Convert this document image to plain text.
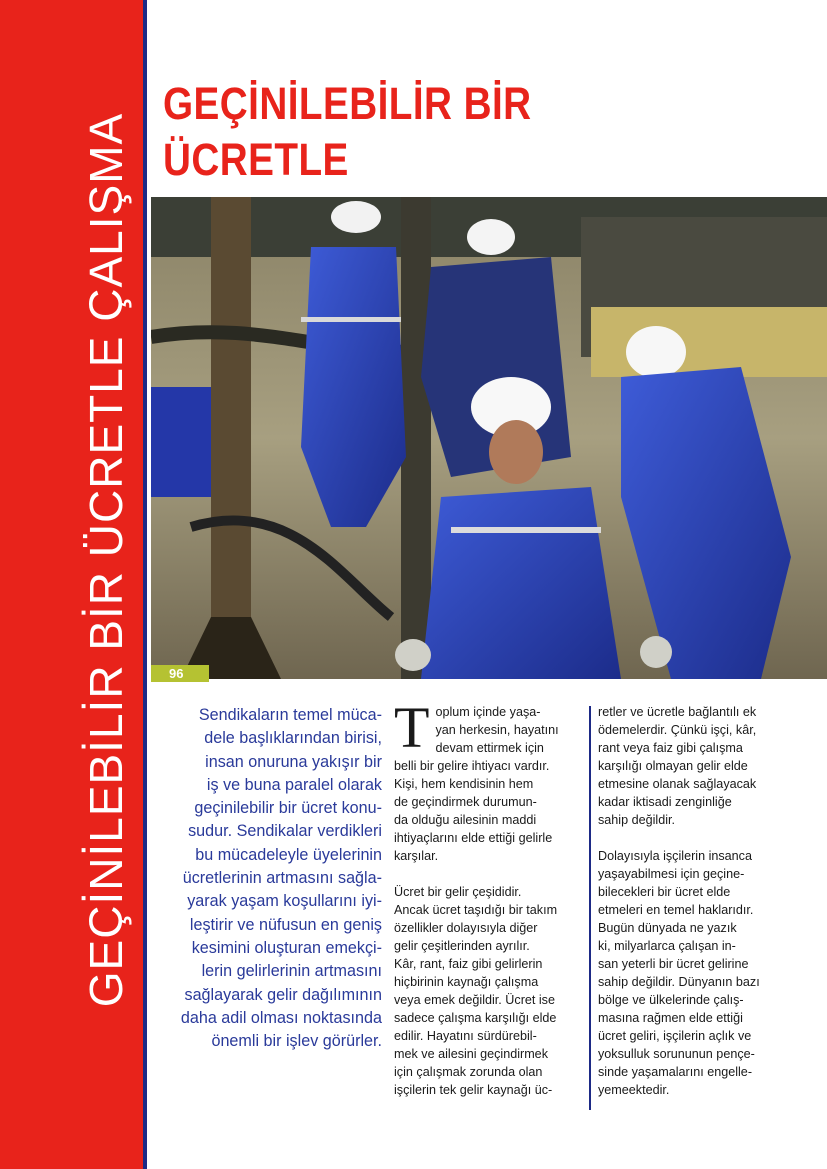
GEÇİNİLEBİLİR BİR ÜCRETLE ÇALIŞMA
GEÇİNİLEBİLİR BİR ÜCRETLE
96
Sendikaların temel müca-
dele başlıklarından birisi,
insan onuruna yakışır bir
iş ve buna paralel olarak
geçinilebilir bir ücret konu-
sudur. Sendikalar verdikleri
bu mücadeleyle üyelerinin
ücretlerinin artmasını sağla-
yarak yaşam koşullarını iyi-
leştirir ve nüfusun en geniş
kesimini oluşturan emekçi-
lerin gelirlerinin artmasını
sağlayarak gelir dağılımının
daha adil olması noktasında
önemli bir işlev görürler.

T oplum içinde yaşa-
yan herkesin, hayatını
devam ettirmek için
belli bir gelire ihtiyacı vardır.
Kişi, hem kendisinin hem
de geçindirmek durumun-
da olduğu ailesinin maddi
ihtiyaçlarını elde ettiği gelirle
karşılar.

Ücret bir gelir çeşididir.
Ancak ücret taşıdığı bir takım
özellikler dolayısıyla diğer
gelir çeşitlerinden ayrılır.
Kâr, rant, faiz gibi gelirlerin
hiçbirinin kaynağı çalışma
veya emek değildir. Ücret ise
sadece çalışma karşılığı elde
edilir. Hayatını sürdürebil-
mek ve ailesini geçindirmek
için çalışmak zorunda olan
işçilerin tek gelir kaynağı üc-

retler ve ücretle bağlantılı ek
ödemelerdir. Çünkü işçi, kâr,
rant veya faiz gibi çalışma
karşılığı olmayan gelir elde
etmesine olanak sağlayacak
kadar iktisadi zenginliğe
sahip değildir.

Dolayısıyla işçilerin insanca
yaşayabilmesi için geçine-
bilecekleri bir ücret elde
etmeleri en temel haklarıdır.
Bugün dünyada ne yazık
ki, milyarlarca çalışan in-
san yeterli bir ücret gelirine
sahip değildir. Dünyanın bazı
bölge ve ülkelerinde çalış-
masına rağmen elde ettiği
ücret geliri, işçilerin açlık ve
yoksulluk sorununun pençe-
sinde yaşamalarını engelle-
yemeektedir.
